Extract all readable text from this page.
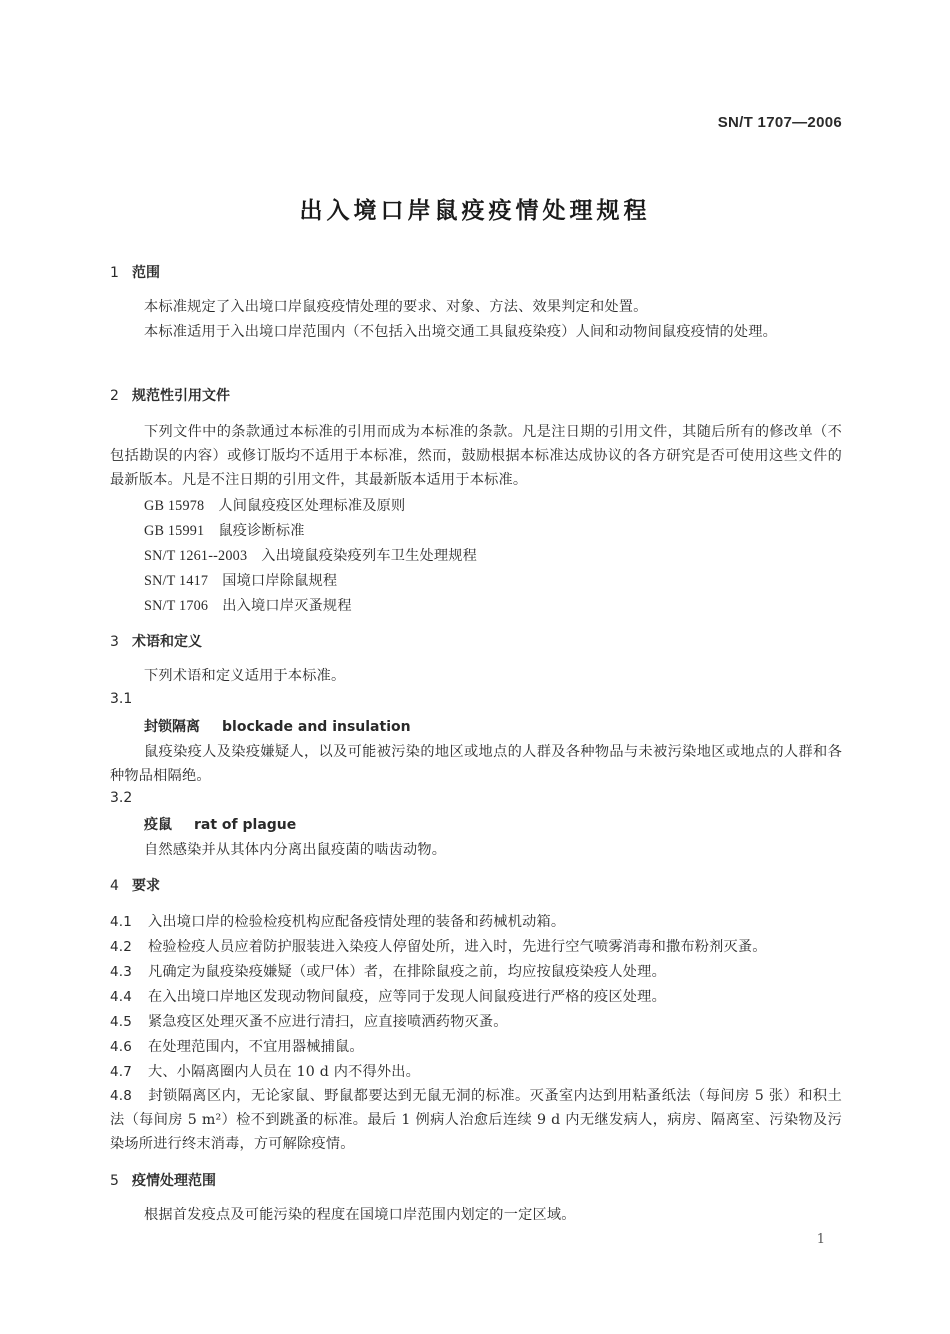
SN/T 1707—2006
出入境口岸鼠疫疫情处理规程
1 范围
本标准规定了入出境口岸鼠疫疫情处理的要求、对象、方法、效果判定和处置。
本标准适用于入出境口岸范围内（不包括入出境交通工具鼠疫染疫）人间和动物间鼠疫疫情的处理。
2 规范性引用文件
下列文件中的条款通过本标准的引用而成为本标准的条款。凡是注日期的引用文件，其随后所有的修改单（不包括勘误的内容）或修订版均不适用于本标准，然而，鼓励根据本标准达成协议的各方研究是否可使用这些文件的最新版本。凡是不注日期的引用文件，其最新版本适用于本标准。
GB 15978 人间鼠疫疫区处理标准及原则
GB 15991 鼠疫诊断标准
SN/T 1261--2003 入出境鼠疫染疫列车卫生处理规程
SN/T 1417 国境口岸除鼠规程
SN/T 1706 出入境口岸灭蚤规程
3 术语和定义
下列术语和定义适用于本标准。
3.1
封锁隔离 blockade and insulation
鼠疫染疫人及染疫嫌疑人，以及可能被污染的地区或地点的人群及各种物品与未被污染地区或地点的人群和各种物品相隔绝。
3.2
疫鼠 rat of plague
自然感染并从其体内分离出鼠疫菌的啮齿动物。
4 要求
4.1 入出境口岸的检验检疫机构应配备疫情处理的装备和药械机动箱。
4.2 检验检疫人员应着防护服装进入染疫人停留处所，进入时，先进行空气喷雾消毒和撒布粉剂灭蚤。
4.3 凡确定为鼠疫染疫嫌疑（或尸体）者，在排除鼠疫之前，均应按鼠疫染疫人处理。
4.4 在入出境口岸地区发现动物间鼠疫，应等同于发现人间鼠疫进行严格的疫区处理。
4.5 紧急疫区处理灭蚤不应进行清扫，应直接喷洒药物灭蚤。
4.6 在处理范围内，不宜用器械捕鼠。
4.7 大、小隔离圈内人员在 10 d 内不得外出。
4.8 封锁隔离区内，无论家鼠、野鼠都要达到无鼠无洞的标准。灭蚤室内达到用粘蚤纸法（每间房 5 张）和积土法（每间房 5 m²）检不到跳蚤的标准。最后 1 例病人治愈后连续 9 d 内无继发病人，病房、隔离室、污染物及污染场所进行终末消毒，方可解除疫情。
5 疫情处理范围
根据首发疫点及可能污染的程度在国境口岸范围内划定的一定区域。
1
